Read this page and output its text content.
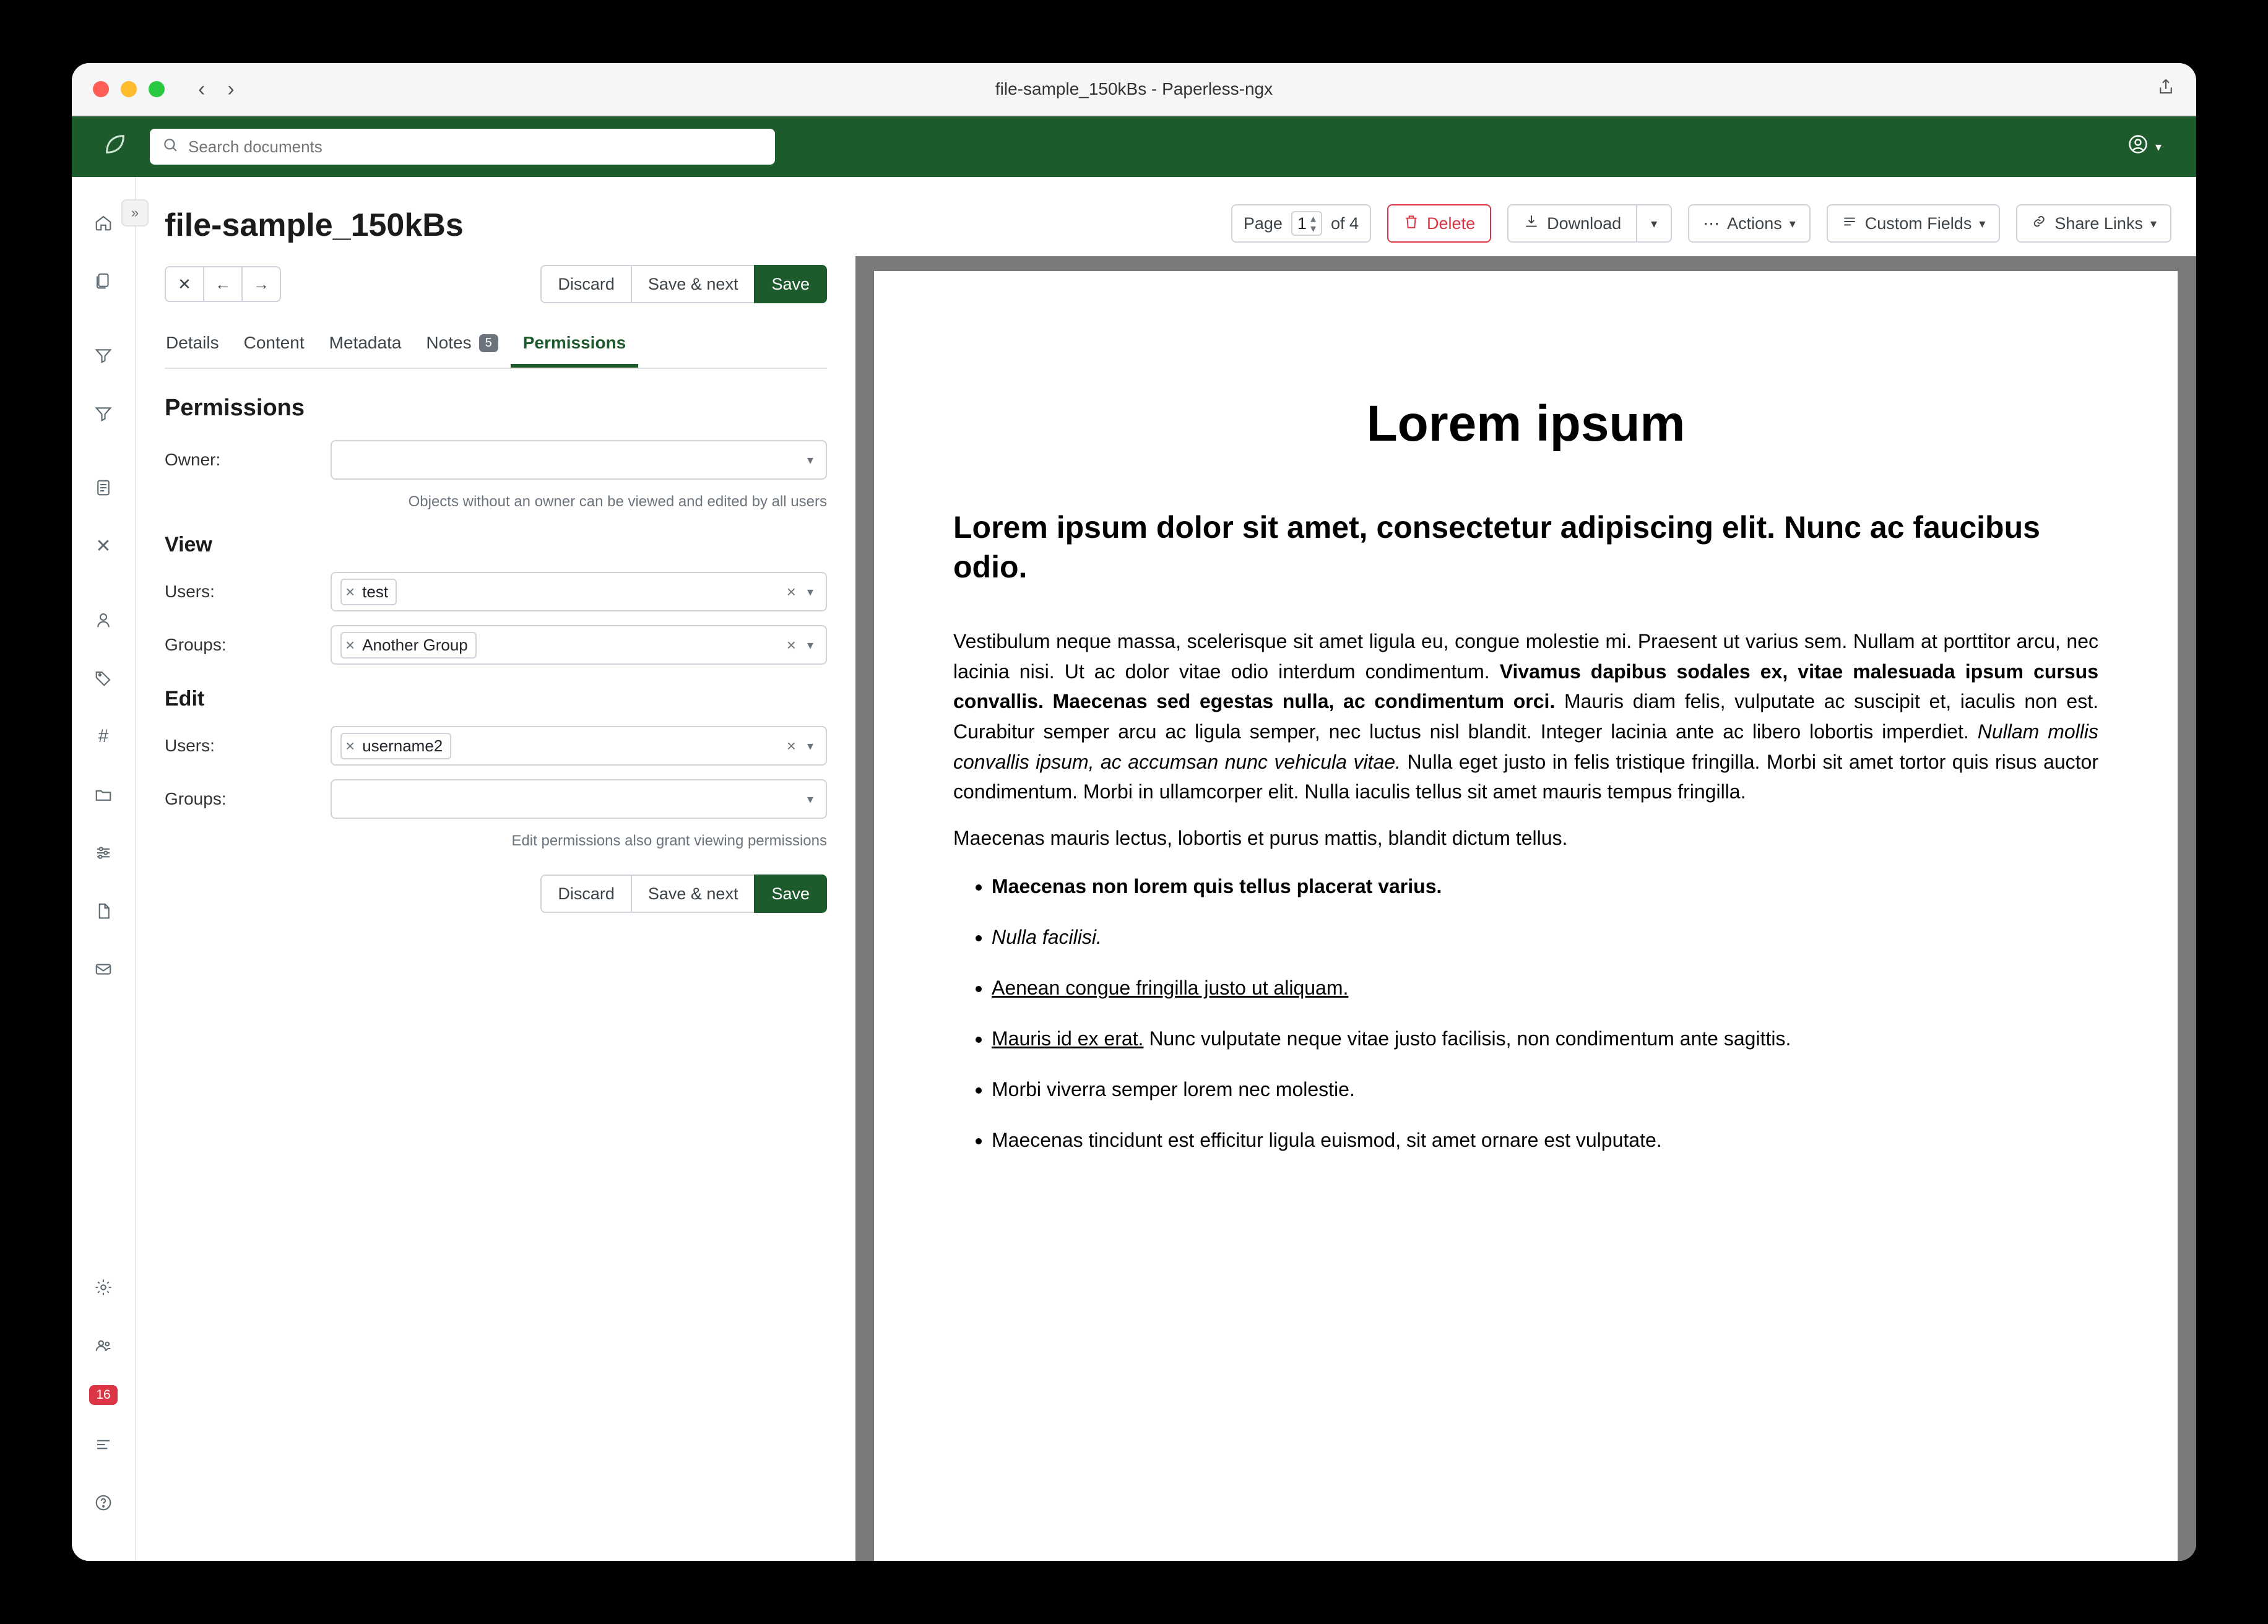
‹ ›	file-sample_150kBs - Paperless-ngx
Search documents
▾
»
✕
#
16
file-sample_150kBs
✕	←	→	Discard	Save & next	Save
Details Content Metadata Notes	5	Permissions
Permissions
Owner:	▾
Objects without an owner can be viewed and edited by all users
View
Users:	× test	× ▾
Groups:	× Another Group	× ▾
Edit
Users:	× username2	× ▾
Groups:	▾
Edit permissions also grant viewing permissions
Discard	Save & next	Save
Page 1 ▴
▾ of 4	Delete	Download	▾	⋯ Actions ▾	Custom Fields ▾	Share Links ▾
Lorem ipsum
Lorem ipsum dolor sit amet, consectetur adipiscing elit. Nunc ac faucibus odio.

Vestibulum neque massa, scelerisque sit amet ligula eu, congue molestie mi. Praesent ut varius sem. Nullam at porttitor arcu, nec lacinia nisi. Ut ac dolor vitae odio interdum condimentum. Vivamus dapibus sodales ex, vitae malesuada ipsum cursus convallis. Maecenas sed egestas nulla, ac condimentum orci. Mauris diam felis, vulputate ac suscipit et, iaculis non est. Curabitur semper arcu ac ligula semper, nec luctus nisl blandit. Integer lacinia ante ac libero lobortis imperdiet. Nullam mollis convallis ipsum, ac accumsan nunc vehicula vitae. Nulla eget justo in felis tristique fringilla. Morbi sit amet tortor quis risus auctor condimentum. Morbi in ullamcorper elit. Nulla iaculis tellus sit amet mauris tempus fringilla.

Maecenas mauris lectus, lobortis et purus mattis, blandit dictum tellus.

• Maecenas non lorem quis tellus placerat varius.
• Nulla facilisi.
• Aenean congue fringilla justo ut aliquam.
• Mauris id ex erat. Nunc vulputate neque vitae justo facilisis, non condimentum ante sagittis.
• Morbi viverra semper lorem nec molestie.
• Maecenas tincidunt est efficitur ligula euismod, sit amet ornare est vulputate.
